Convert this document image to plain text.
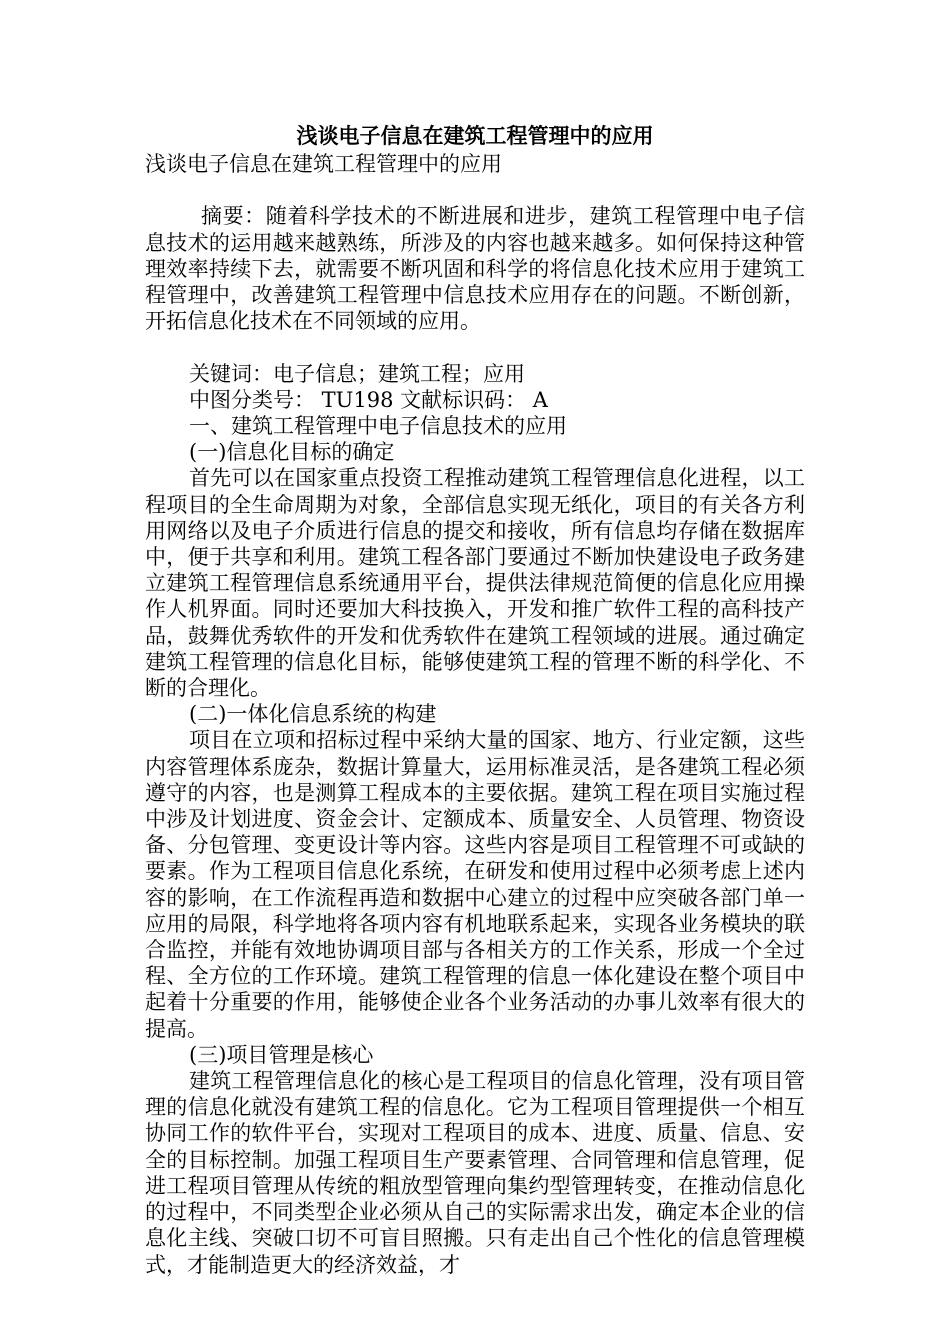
浅谈电子信息在建筑工程管理中的应用

浅谈电子信息在建筑工程管理中的应用

摘要：随着科学技术的不断进展和进步，建筑工程管理中电子信息技术的运用越来越熟练，所涉及的内容也越来越多。如何保持这种管理效率持续下去，就需要不断巩固和科学的将信息化技术应用于建筑工程管理中，改善建筑工程管理中信息技术应用存在的问题。不断创新，开拓信息化技术在不同领域的应用。

关键词：电子信息；建筑工程；应用

中图分类号： TU198 文献标识码： A

一、建筑工程管理中电子信息技术的应用

(一)信息化目标的确定

首先可以在国家重点投资工程推动建筑工程管理信息化进程，以工程项目的全生命周期为对象，全部信息实现无纸化，项目的有关各方利用网络以及电子介质进行信息的提交和接收，所有信息均存储在数据库中，便于共享和利用。建筑工程各部门要通过不断加快建设电子政务建立建筑工程管理信息系统通用平台，提供法律规范简便的信息化应用操作人机界面。同时还要加大科技换入，开发和推广软件工程的高科技产品，鼓舞优秀软件的开发和优秀软件在建筑工程领域的进展。通过确定建筑工程管理的信息化目标，能够使建筑工程的管理不断的科学化、不断的合理化。

(二)一体化信息系统的构建

项目在立项和招标过程中采纳大量的国家、地方、行业定额，这些内容管理体系庞杂，数据计算量大，运用标准灵活，是各建筑工程必须遵守的内容，也是测算工程成本的主要依据。建筑工程在项目实施过程中涉及计划进度、资金会计、定额成本、质量安全、人员管理、物资设备、分包管理、变更设计等内容。这些内容是项目工程管理不可或缺的要素。作为工程项目信息化系统，在研发和使用过程中必须考虑上述内容的影响，在工作流程再造和数据中心建立的过程中应突破各部门单一应用的局限，科学地将各项内容有机地联系起来，实现各业务模块的联合监控，并能有效地协调项目部与各相关方的工作关系，形成一个全过程、全方位的工作环境。建筑工程管理的信息一体化建设在整个项目中起着十分重要的作用，能够使企业各个业务活动的办事儿效率有很大的提高。

(三)项目管理是核心

建筑工程管理信息化的核心是工程项目的信息化管理，没有项目管理的信息化就没有建筑工程的信息化。它为工程项目管理提供一个相互协同工作的软件平台，实现对工程项目的成本、进度、质量、信息、安全的目标控制。加强工程项目生产要素管理、合同管理和信息管理，促进工程项目管理从传统的粗放型管理向集约型管理转变，在推动信息化的过程中，不同类型企业必须从自己的实际需求出发，确定本企业的信息化主线、突破口切不可盲目照搬。只有走出自己个性化的信息管理模式，才能制造更大的经济效益，才
